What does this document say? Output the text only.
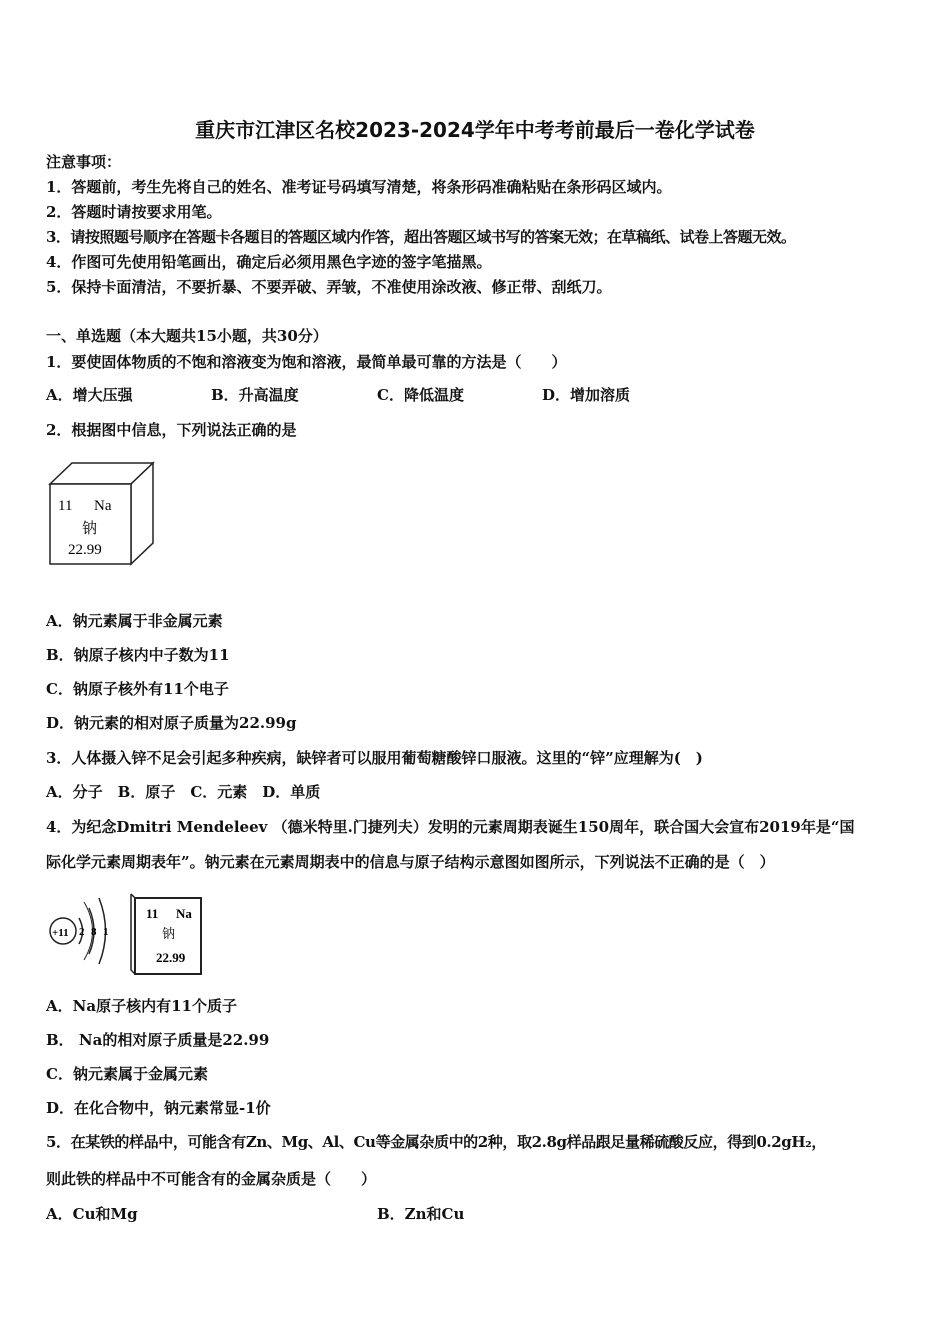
重庆市江津区名校2023-2024学年中考考前最后一卷化学试卷
注意事项：
1．答题前，考生先将自己的姓名、准考证号码填写清楚，将条形码准确粘贴在条形码区域内。
2．答题时请按要求用笔。
3．请按照题号顺序在答题卡各题目的答题区域内作答，超出答题区域书写的答案无效；在草稿纸、试卷上答题无效。
4．作图可先使用铅笔画出，确定后必须用黑色字迹的签字笔描黑。
5．保持卡面清洁，不要折暴、不要弄破、弄皱，不准使用涂改液、修正带、刮纸刀。
一、单选题（本大题共15小题，共30分）
1．要使固体物质的不饱和溶液变为饱和溶液，最简单最可靠的方法是（　　）
A．增大压强	B．升高温度	C．降低温度	D．增加溶质
2．根据图中信息，下列说法正确的是
11 Na
钠
22.99
A．钠元素属于非金属元素
B．钠原子核内中子数为11
C．钠原子核外有11个电子
D．钠元素的相对原子质量为22.99g
3．人体摄入锌不足会引起多种疾病，缺锌者可以服用葡萄糖酸锌口服液。这里的“锌”应理解为(　)
A．分子　B．原子　C．元素　D．单质
4．为纪念Dmitri Mendeleev （德米特里.门捷列夫）发明的元素周期表诞生150周年，联合国大会宣布2019年是“国
际化学元素周期表年”。钠元素在元素周期表中的信息与原子结构示意图如图所示，下列说法不正确的是（　）
+11 2 8 1
11 Na
钠
22.99
A．Na原子核内有11个质子
B． Na的相对原子质量是22.99
C．钠元素属于金属元素
D．在化合物中，钠元素常显-1价
5．在某铁的样品中，可能含有Zn、Mg、Al、Cu等金属杂质中的2种，取2.8g样品跟足量稀硫酸反应，得到0.2gH₂，
则此铁的样品中不可能含有的金属杂质是（　　）
A．Cu和Mg	B．Zn和Cu
